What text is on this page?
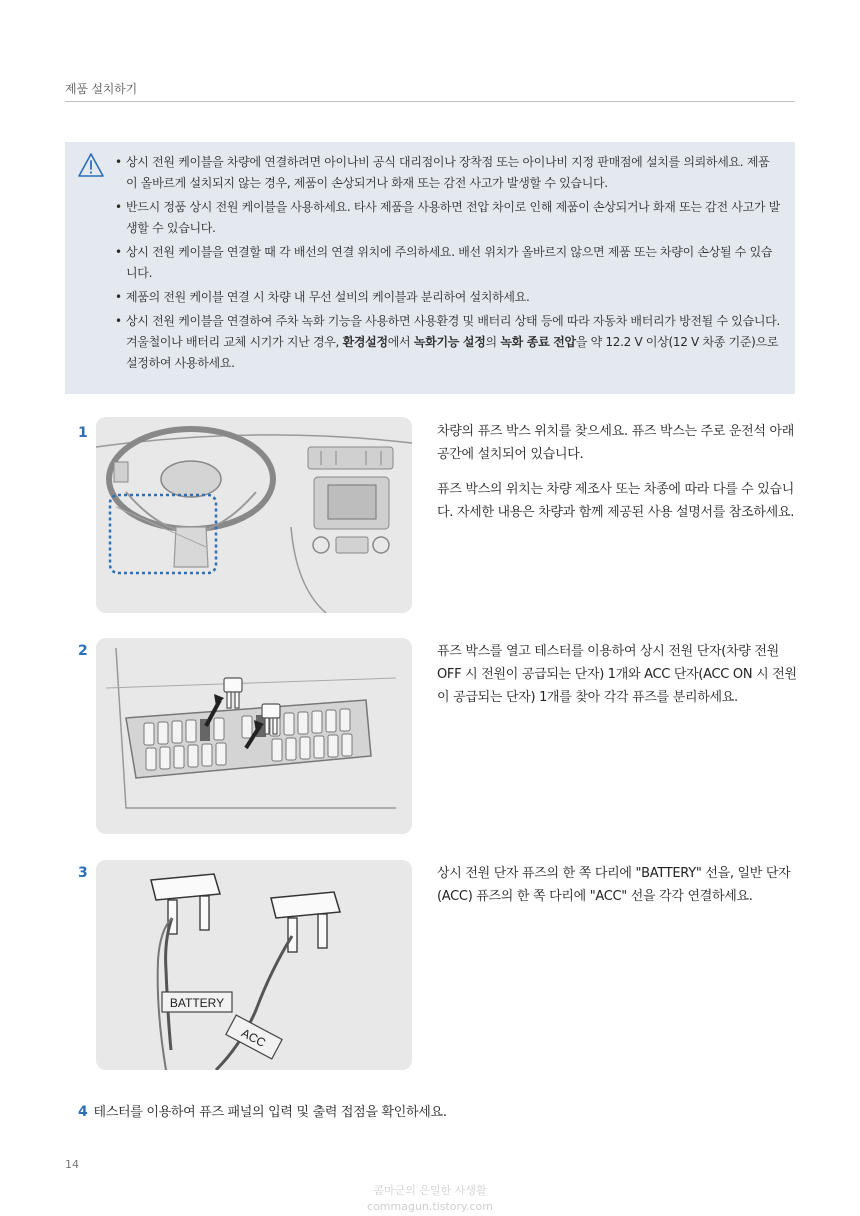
제품 설치하기
• 상시 전원 케이블을 차량에 연결하려면 아이나비 공식 대리점이나 장착점 또는 아이나비 지정 판매점에 설치를 의뢰하세요. 제품이 올바르게 설치되지 않는 경우, 제품이 손상되거나 화재 또는 감전 사고가 발생할 수 있습니다.
• 반드시 정품 상시 전원 케이블을 사용하세요. 타사 제품을 사용하면 전압 차이로 인해 제품이 손상되거나 화재 또는 감전 사고가 발생할 수 있습니다.
• 상시 전원 케이블을 연결할 때 각 배선의 연결 위치에 주의하세요. 배선 위치가 올바르지 않으면 제품 또는 차량이 손상될 수 있습니다.
• 제품의 전원 케이블 연결 시 차량 내 무선 설비의 케이블과 분리하여 설치하세요.
• 상시 전원 케이블을 연결하여 주차 녹화 기능을 사용하면 사용환경 및 배터리 상태 등에 따라 자동차 배터리가 방전될 수 있습니다. 겨울철이나 배터리 교체 시기가 지난 경우, 환경설정에서 녹화기능 설정의 녹화 종료 전압을 약 12.2 V 이상(12 V 차종 기준)으로 설정하여 사용하세요.
1	차량의 퓨즈 박스 위치를 찾으세요. 퓨즈 박스는 주로 운전석 아래 공간에 설치되어 있습니다.

퓨즈 박스의 위치는 차량 제조사 또는 차종에 따라 다를 수 있습니다. 자세한 내용은 차량과 함께 제공된 사용 설명서를 참조하세요.

2	퓨즈 박스를 열고 테스터를 이용하여 상시 전원 단자(차량 전원 OFF 시 전원이 공급되는 단자) 1개와 ACC 단자(ACC ON 시 전원이 공급되는 단자) 1개를 찾아 각각 퓨즈를 분리하세요.

3
BATTERY
ACC

상시 전원 단자 퓨즈의 한 쪽 다리에 "BATTERY" 선을, 일반 단자(ACC) 퓨즈의 한 쪽 다리에 "ACC" 선을 각각 연결하세요.

4 테스터를 이용하여 퓨즈 패널의 입력 및 출력 접점을 확인하세요.
14
콤마군의 은밀한 사생활
commagun.tistory.com
